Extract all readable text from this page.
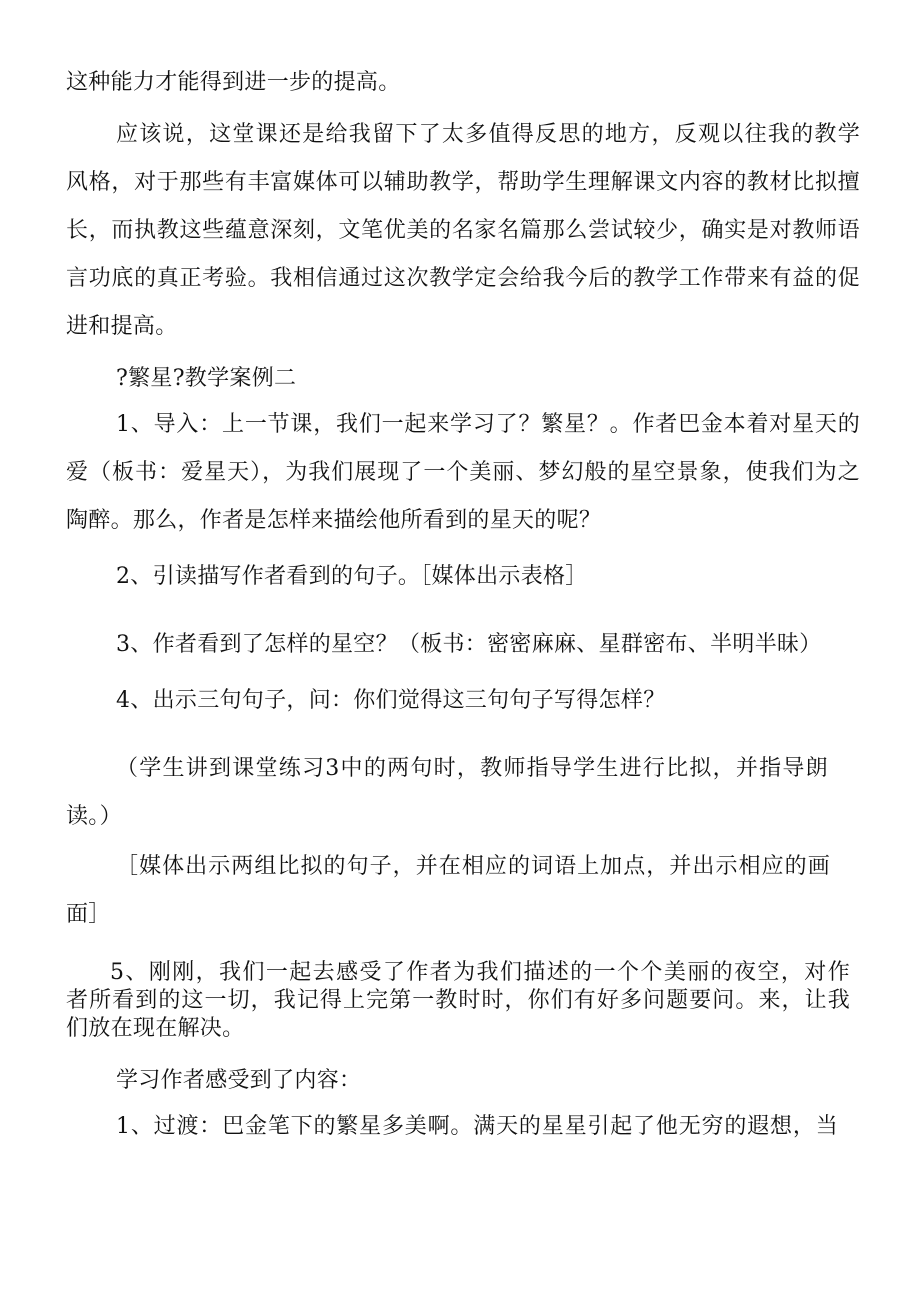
这种能力才能得到进一步的提高。
应该说，这堂课还是给我留下了太多值得反思的地方，反观以往我的教学
风格，对于那些有丰富媒体可以辅助教学，帮助学生理解课文内容的教材比拟擅
长，而执教这些蕴意深刻，文笔优美的名家名篇那么尝试较少，确实是对教师语
言功底的真正考验。我相信通过这次教学定会给我今后的教学工作带来有益的促
进和提高。
?繁星?教学案例二
1、导入：上一节课，我们一起来学习了？繁星？。作者巴金本着对星天的
爱（板书：爱星天），为我们展现了一个美丽、梦幻般的星空景象，使我们为之
陶醉。那么，作者是怎样来描绘他所看到的星天的呢？
2、引读描写作者看到的句子。［媒体出示表格］
3、作者看到了怎样的星空？（板书：密密麻麻、星群密布、半明半昧）
4、出示三句句子，问：你们觉得这三句句子写得怎样？
（学生讲到课堂练习3中的两句时，教师指导学生进行比拟，并指导朗
读。）
［媒体出示两组比拟的句子，并在相应的词语上加点，并出示相应的画
面］
5、刚刚，我们一起去感受了作者为我们描述的一个个美丽的夜空，对作
者所看到的这一切，我记得上完第一教时时，你们有好多问题要问。来，让我
们放在现在解决。
学习作者感受到了内容：
1、过渡：巴金笔下的繁星多美啊。满天的星星引起了他无穷的遐想，当
